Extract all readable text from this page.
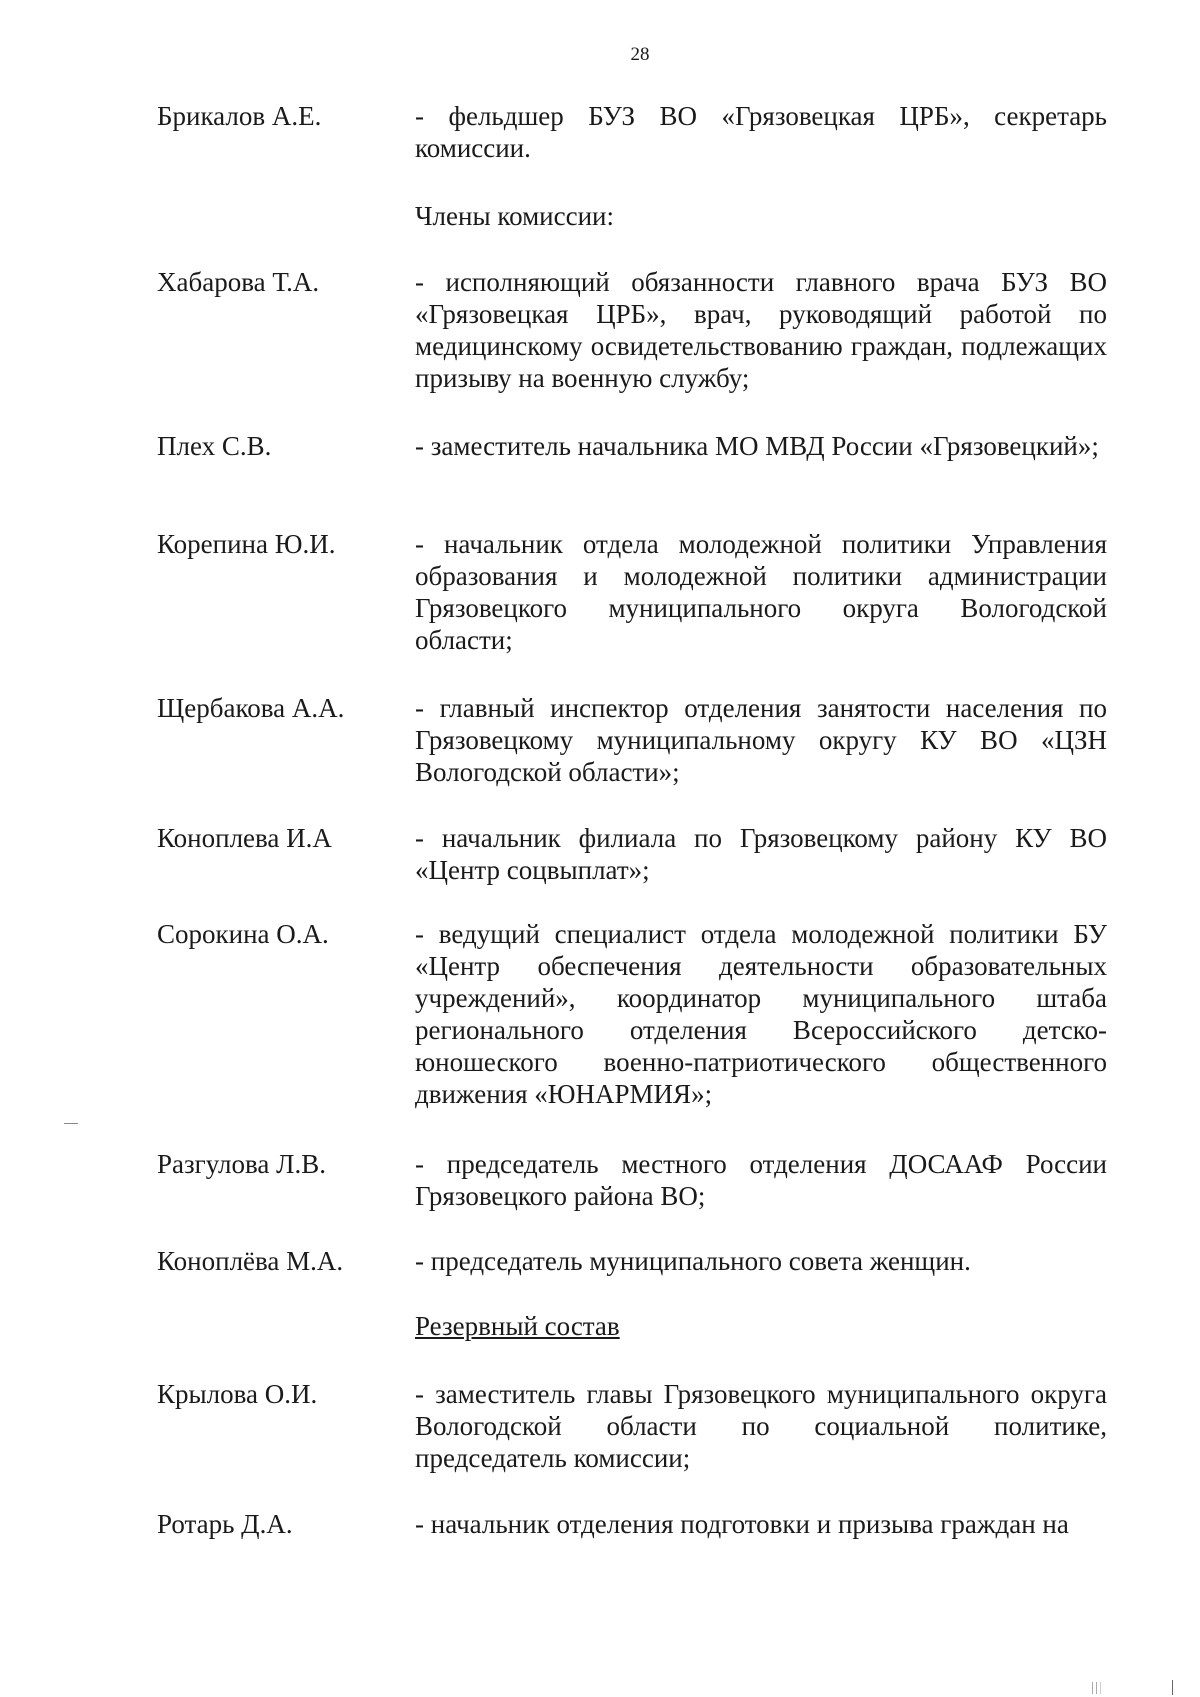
28
Брикалов А.Е.	- фельдшер БУЗ ВО «Грязовецкая ЦРБ», секретарь комиссии.
Члены комиссии:
Хабарова Т.А.	- исполняющий обязанности главного врача БУЗ ВО «Грязовецкая ЦРБ», врач, руководящий работой по медицинскому освидетельствованию граждан, подлежащих призыву на военную службу;
Плех С.В.	- заместитель начальника МО МВД России «Грязовецкий»;
Корепина Ю.И.	- начальник отдела молодежной политики Управления образования и молодежной политики администрации Грязовецкого муниципального округа Вологодской области;
Щербакова А.А.	- главный инспектор отделения занятости населения по Грязовецкому муниципальному округу КУ ВО «ЦЗН Вологодской области»;
Коноплева И.А	- начальник филиала по Грязовецкому району КУ ВО «Центр соцвыплат»;
Сорокина О.А.	- ведущий специалист отдела молодежной политики БУ «Центр обеспечения деятельности образовательных учреждений», координатор муниципального штаба регионального отделения Всероссийского детско-юношеского военно-патриотического общественного движения «ЮНАРМИЯ»;
Разгулова Л.В.	- председатель местного отделения ДОСААФ России Грязовецкого района ВО;
Коноплёва М.А.	- председатель муниципального совета женщин.
Резервный состав
Крылова О.И.	- заместитель главы Грязовецкого муниципального округа Вологодской области по социальной политике, председатель комиссии;
Ротарь Д.А.	- начальник отделения подготовки и призыва граждан на
